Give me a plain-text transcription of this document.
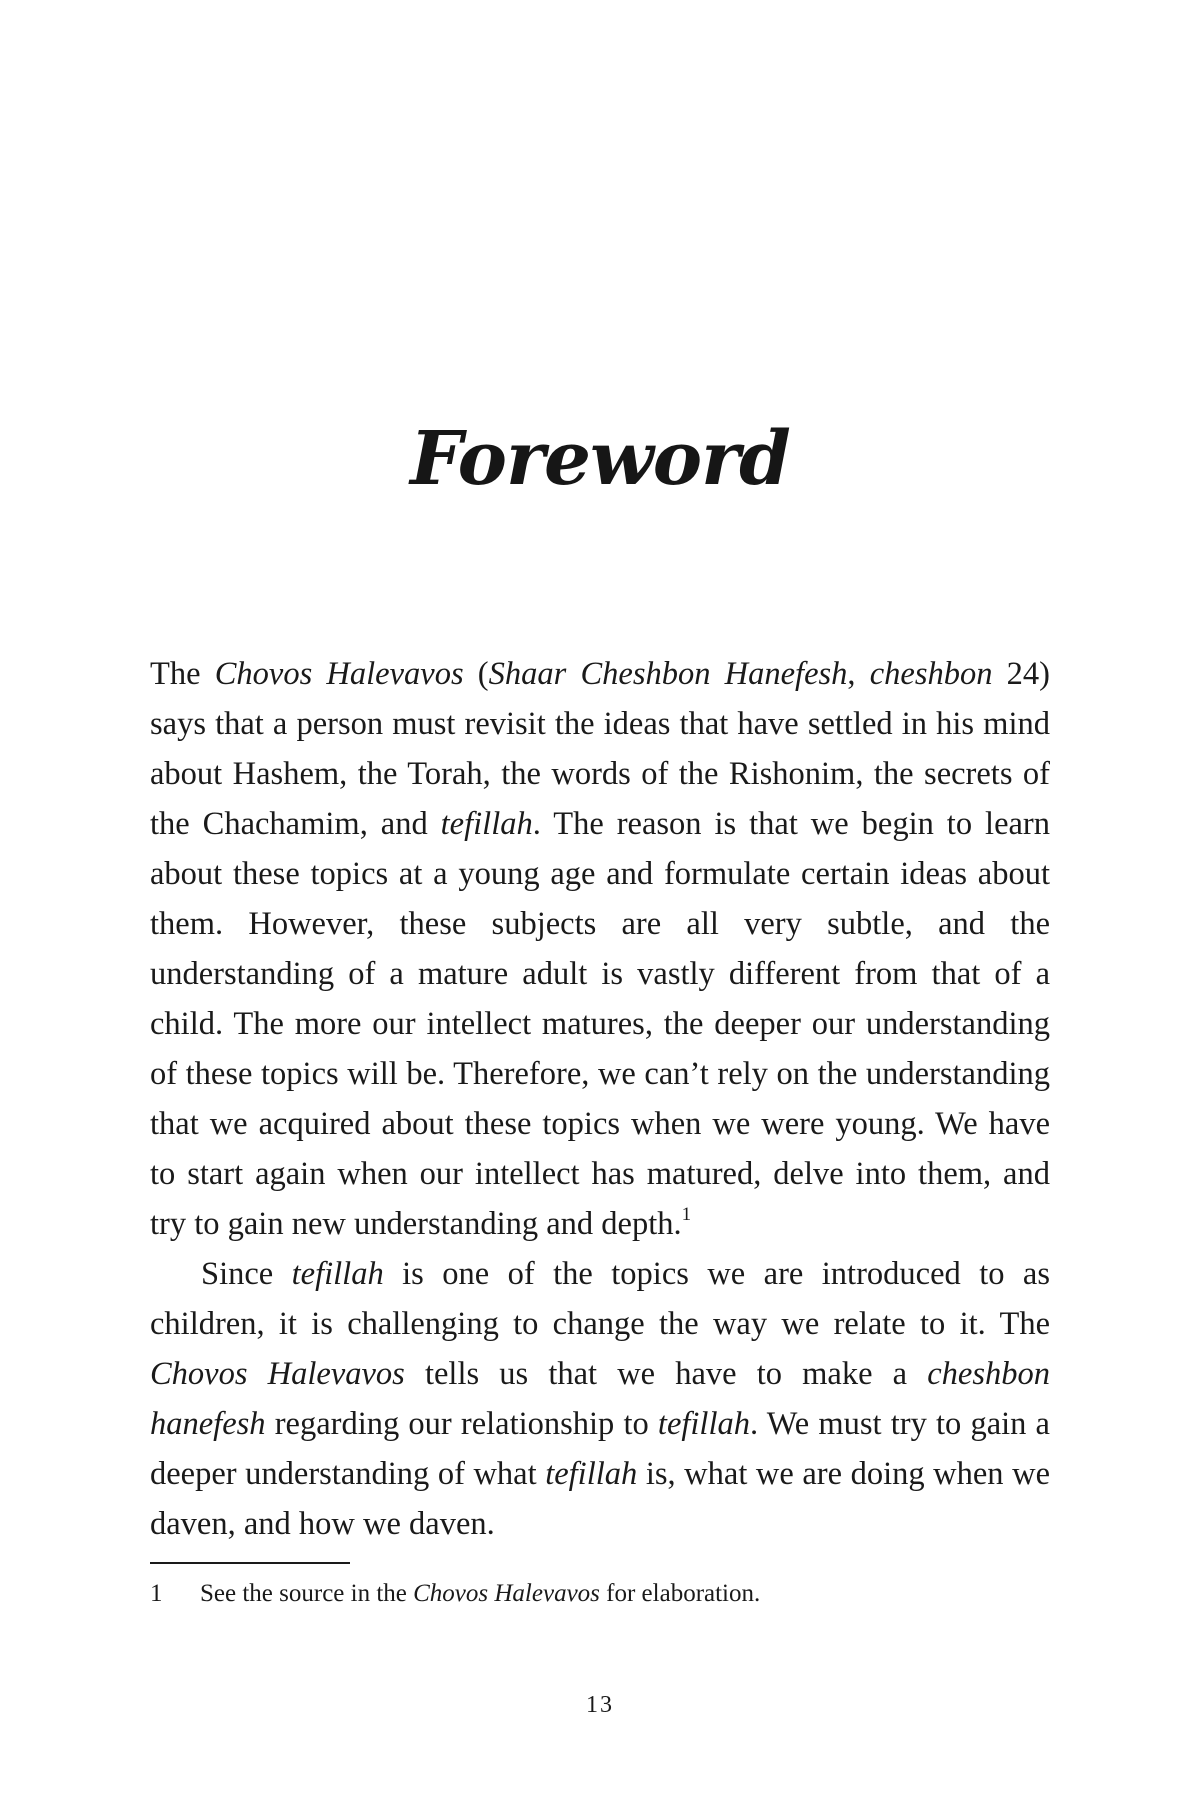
Foreword

The Chovos Halevavos (Shaar Cheshbon Hanefesh, cheshbon 24) says that a person must revisit the ideas that have settled in his mind about Hashem, the Torah, the words of the Rishonim, the secrets of the Chachamim, and tefillah. The reason is that we begin to learn about these topics at a young age and formulate certain ideas about them. However, these subjects are all very subtle, and the understanding of a mature adult is vastly different from that of a child. The more our intellect matures, the deeper our understanding of these topics will be. Therefore, we can’t rely on the understanding that we acquired about these topics when we were young. We have to start again when our intellect has matured, delve into them, and try to gain new understanding and depth.$^1$

Since tefillah is one of the topics we are introduced to as children, it is challenging to change the way we relate to it. The Chovos Halevavos tells us that we have to make a cheshbon hanefesh regarding our relationship to tefillah. We must try to gain a deeper understanding of what tefillah is, what we are doing when we daven, and how we daven.

1 See the source in the Chovos Halevavos for elaboration.
13
